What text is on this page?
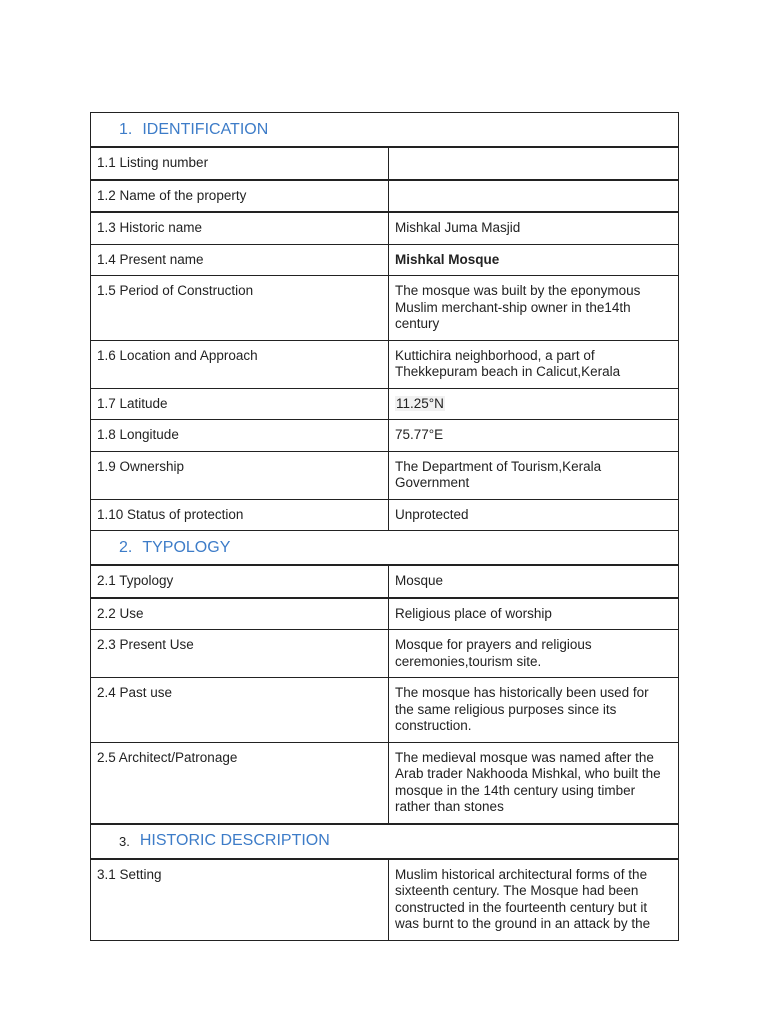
1. IDENTIFICATION
1.1 Listing number	
1.2 Name of the property	
1.3 Historic name	Mishkal Juma Masjid
1.4 Present name	Mishkal Mosque
1.5 Period of Construction	The mosque was built by the eponymous Muslim merchant-ship owner in the14th century
1.6 Location and Approach	Kuttichira neighborhood, a part of Thekkepuram beach in Calicut,Kerala
1.7 Latitude	11.25°N
1.8 Longitude	75.77°E
1.9 Ownership	The Department of Tourism,Kerala Government
1.10 Status of protection	Unprotected
2. TYPOLOGY
2.1 Typology	Mosque
2.2 Use	Religious place of worship
2.3 Present Use	Mosque for prayers and religious ceremonies,tourism site.
2.4 Past use	The mosque has historically been used for the same religious purposes since its construction.
2.5 Architect/Patronage	The medieval mosque was named after the Arab trader Nakhooda Mishkal, who built the mosque in the 14th century using timber rather than stones
3. HISTORIC DESCRIPTION
3.1 Setting	Muslim historical architectural forms of the sixteenth century. The Mosque had been constructed in the fourteenth century but it was burnt to the ground in an attack by the
